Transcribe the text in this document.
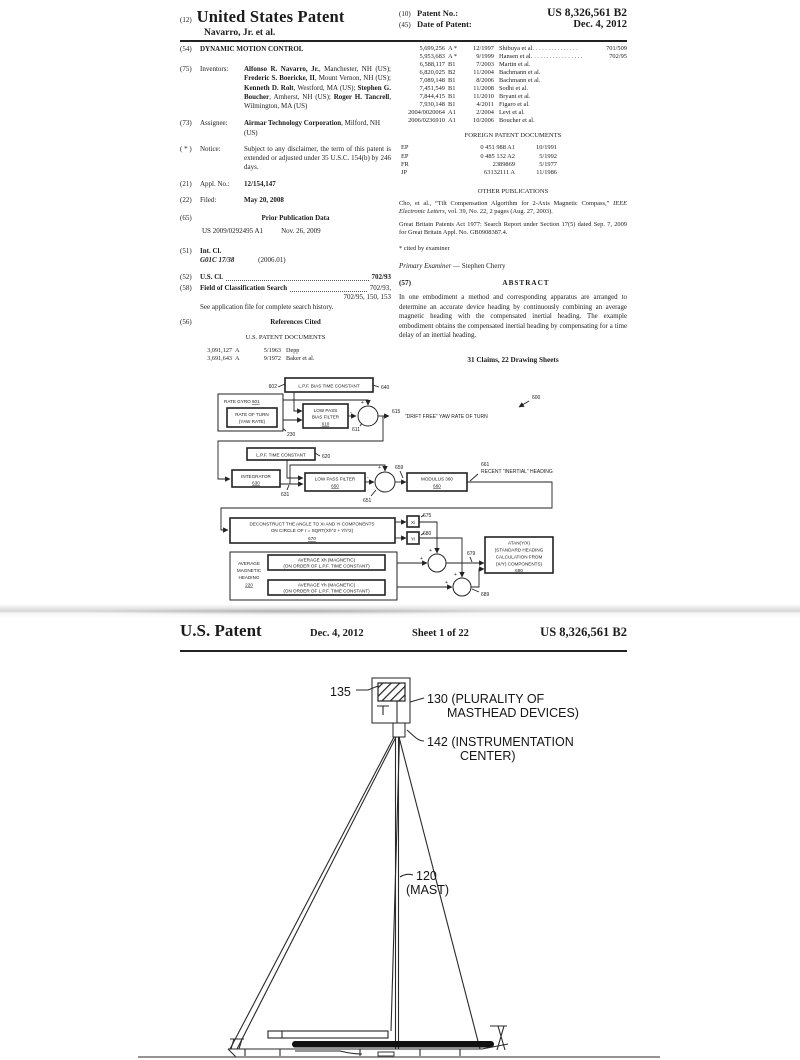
(12) United States Patent
Navarro, Jr. et al.
(10) Patent No.:	US 8,326,561 B2
(45) Date of Patent:	Dec. 4, 2012
(54)	DYNAMIC MOTION CONTROL
(75)	Inventors:	Alfonso R. Navarro, Jr., Manchester, NH (US); Frederic S. Boericke, II, Mount Vernon, NH (US); Kenneth D. Rolt, Westford, MA (US); Stephen G. Boucher, Amherst, NH (US); Roger H. Tancrell, Wilmington, MA (US)
(73)	Assignee:	Airmar Technology Corporation, Milford, NH (US)
( * )	Notice:	Subject to any disclaimer, the term of this patent is extended or adjusted under 35 U.S.C. 154(b) by 246 days.
(21)	Appl. No.:	12/154,147
(22)	Filed:	May 20, 2008
(65)	Prior Publication Data
US 2009/0292495 A1	Nov. 26, 2009
(51)	Int. Cl.
G01C 17/38	(2006.01)
(52)	U.S. Cl.	702/93
(58)	Field of Classification Search	702/93,
702/95, 150, 153
See application file for complete search history.
(56)	References Cited
U.S. PATENT DOCUMENTS
3,091,127 A	5/1963 Depp
3,691,643 A	9/1972 Baker et al.
5,699,256 A *	12/1997 Shibuya et al. ..............	701/509
5,953,683 A *	9/1999 Hansen et al. ................	702/95
6,588,117 B1	7/2003 Martin et al.
6,820,025 B2	11/2004 Bachmann et al.
7,089,148 B1	8/2006 Bachmann et al.
7,451,549 B1	11/2008 Sodhi et al.
7,844,415 B1	11/2010 Bryant et al.
7,930,148 B1	4/2011 Figaro et al.
2004/0020064 A1	2/2004 Levi et al.
2006/0236910 A1	10/2006 Boucher et al.
FOREIGN PATENT DOCUMENTS
EP	0 451 988 A1	10/1991
EP	0 485 132 A2	5/1992
FR	2389869	5/1977
JP	63132111 A	11/1986
OTHER PUBLICATIONS
Cho, et al., “Tilt Compensation Algorithm for 2-Axis Magnetic Compass,” IEEE Electronic Letters, vol. 39, No. 22, 2 pages (Aug. 27, 2003).
Great Britain Patents Act 1977: Search Report under Section 17(5) dated Sep. 7, 2009 for Great Britain Appl. No. GB0908387.4.
* cited by examiner
Primary Examiner — Stephen Cherry
(57)	ABSTRACT
In one embodiment a method and corresponding apparatus are arranged to determine an accurate device heading by continuously combining an average magnetic heading with the compensated inertial heading. The example embodiment obtains the compensated inertial heading by compensating for a time delay of an inertial heading.
31 Claims, 22 Drawing Sheets
L.P.F. BIAS TIME CONSTANT
RATE GYRO 601
RATE OF TURN
(YAW RATE)
LOW PASS
BIAS FILTER
610
L.P.F. TIME CONSTANT
INTEGRATOR
630
LOW PASS FILTER
650
MODULUS 360
660
DECONSTRUCT THE ANGLE TO Xi AND Yi COMPONENTS
ON CIRCLE OF r = SQRT(Xh^2 + Yh^2)
670
Xi
Yi
AVERAGE
MAGNETIC
HEADING
220
AVERAGE Xh (MAGNETIC)
(ON ORDER OF L.P.F. TIME CONSTANT)
AVERAGE Yh (MAGNETIC)
(ON ORDER OF L.P.F. TIME CONSTANT)
ATAN(Y/X)
(STANDARD HEADING
CALCULATION FROM
(X/Y) COMPONENTS)
690
602	640
230
611
615
“DRIFT FREE” YAW RATE OF TURN
600
620
631
651
659	661
RECENT “INERTIAL” HEADING
675
680
679
689
+
-
+
-
+
+
+
+
U.S. Patent	Dec. 4, 2012	Sheet 1 of 22	US 8,326,561 B2
135	130 (PLURALITY OF
MASTHEAD DEVICES)
142 (INSTRUMENTATION
CENTER)
120
(MAST)
